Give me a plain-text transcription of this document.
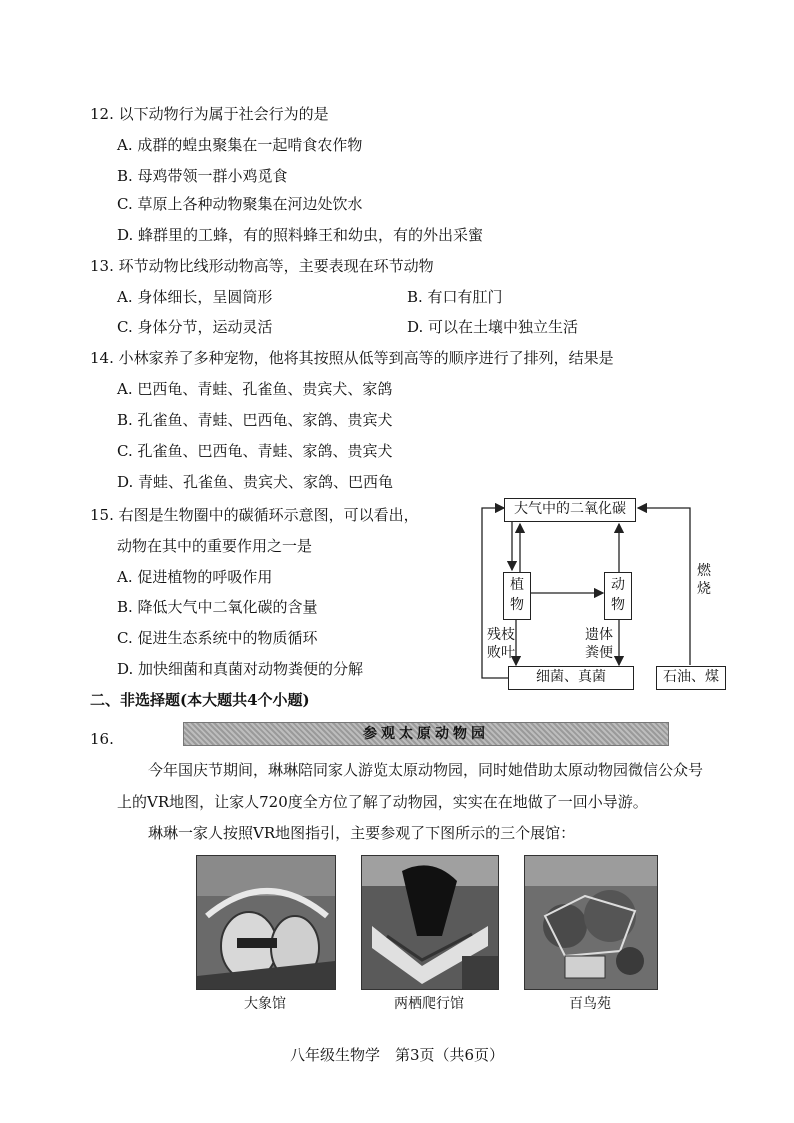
12. 以下动物行为属于社会行为的是
A. 成群的蝗虫聚集在一起啃食农作物
B. 母鸡带领一群小鸡觅食
C. 草原上各种动物聚集在河边处饮水
D. 蜂群里的工蜂，有的照料蜂王和幼虫，有的外出采蜜
13. 环节动物比线形动物高等，主要表现在环节动物
A. 身体细长，呈圆筒形	B. 有口有肛门
C. 身体分节，运动灵活	D. 可以在土壤中独立生活
14. 小林家养了多种宠物，他将其按照从低等到高等的顺序进行了排列，结果是
A. 巴西龟、青蛙、孔雀鱼、贵宾犬、家鸽
B. 孔雀鱼、青蛙、巴西龟、家鸽、贵宾犬
C. 孔雀鱼、巴西龟、青蛙、家鸽、贵宾犬
D. 青蛙、孔雀鱼、贵宾犬、家鸽、巴西龟
15. 右图是生物圈中的碳循环示意图，可以看出，
动物在其中的重要作用之一是
A. 促进植物的呼吸作用
B. 降低大气中二氧化碳的含量
C. 促进生态系统中的物质循环
D. 加快细菌和真菌对动物粪便的分解
大气中的二氧化碳
植
物
动
物
细菌、真菌	石油、煤
燃
烧
残枝
败叶
遗体
粪便
二、非选择题(本大题共4个小题)
16.	参观太原动物园
今年国庆节期间，琳琳陪同家人游览太原动物园，同时她借助太原动物园微信公众号
上的VR地图，让家人720度全方位了解了动物园，实实在在地做了一回小导游。
琳琳一家人按照VR地图指引，主要参观了下图所示的三个展馆：
大象馆	两栖爬行馆	百鸟苑
八年级生物学　第3页（共6页）
